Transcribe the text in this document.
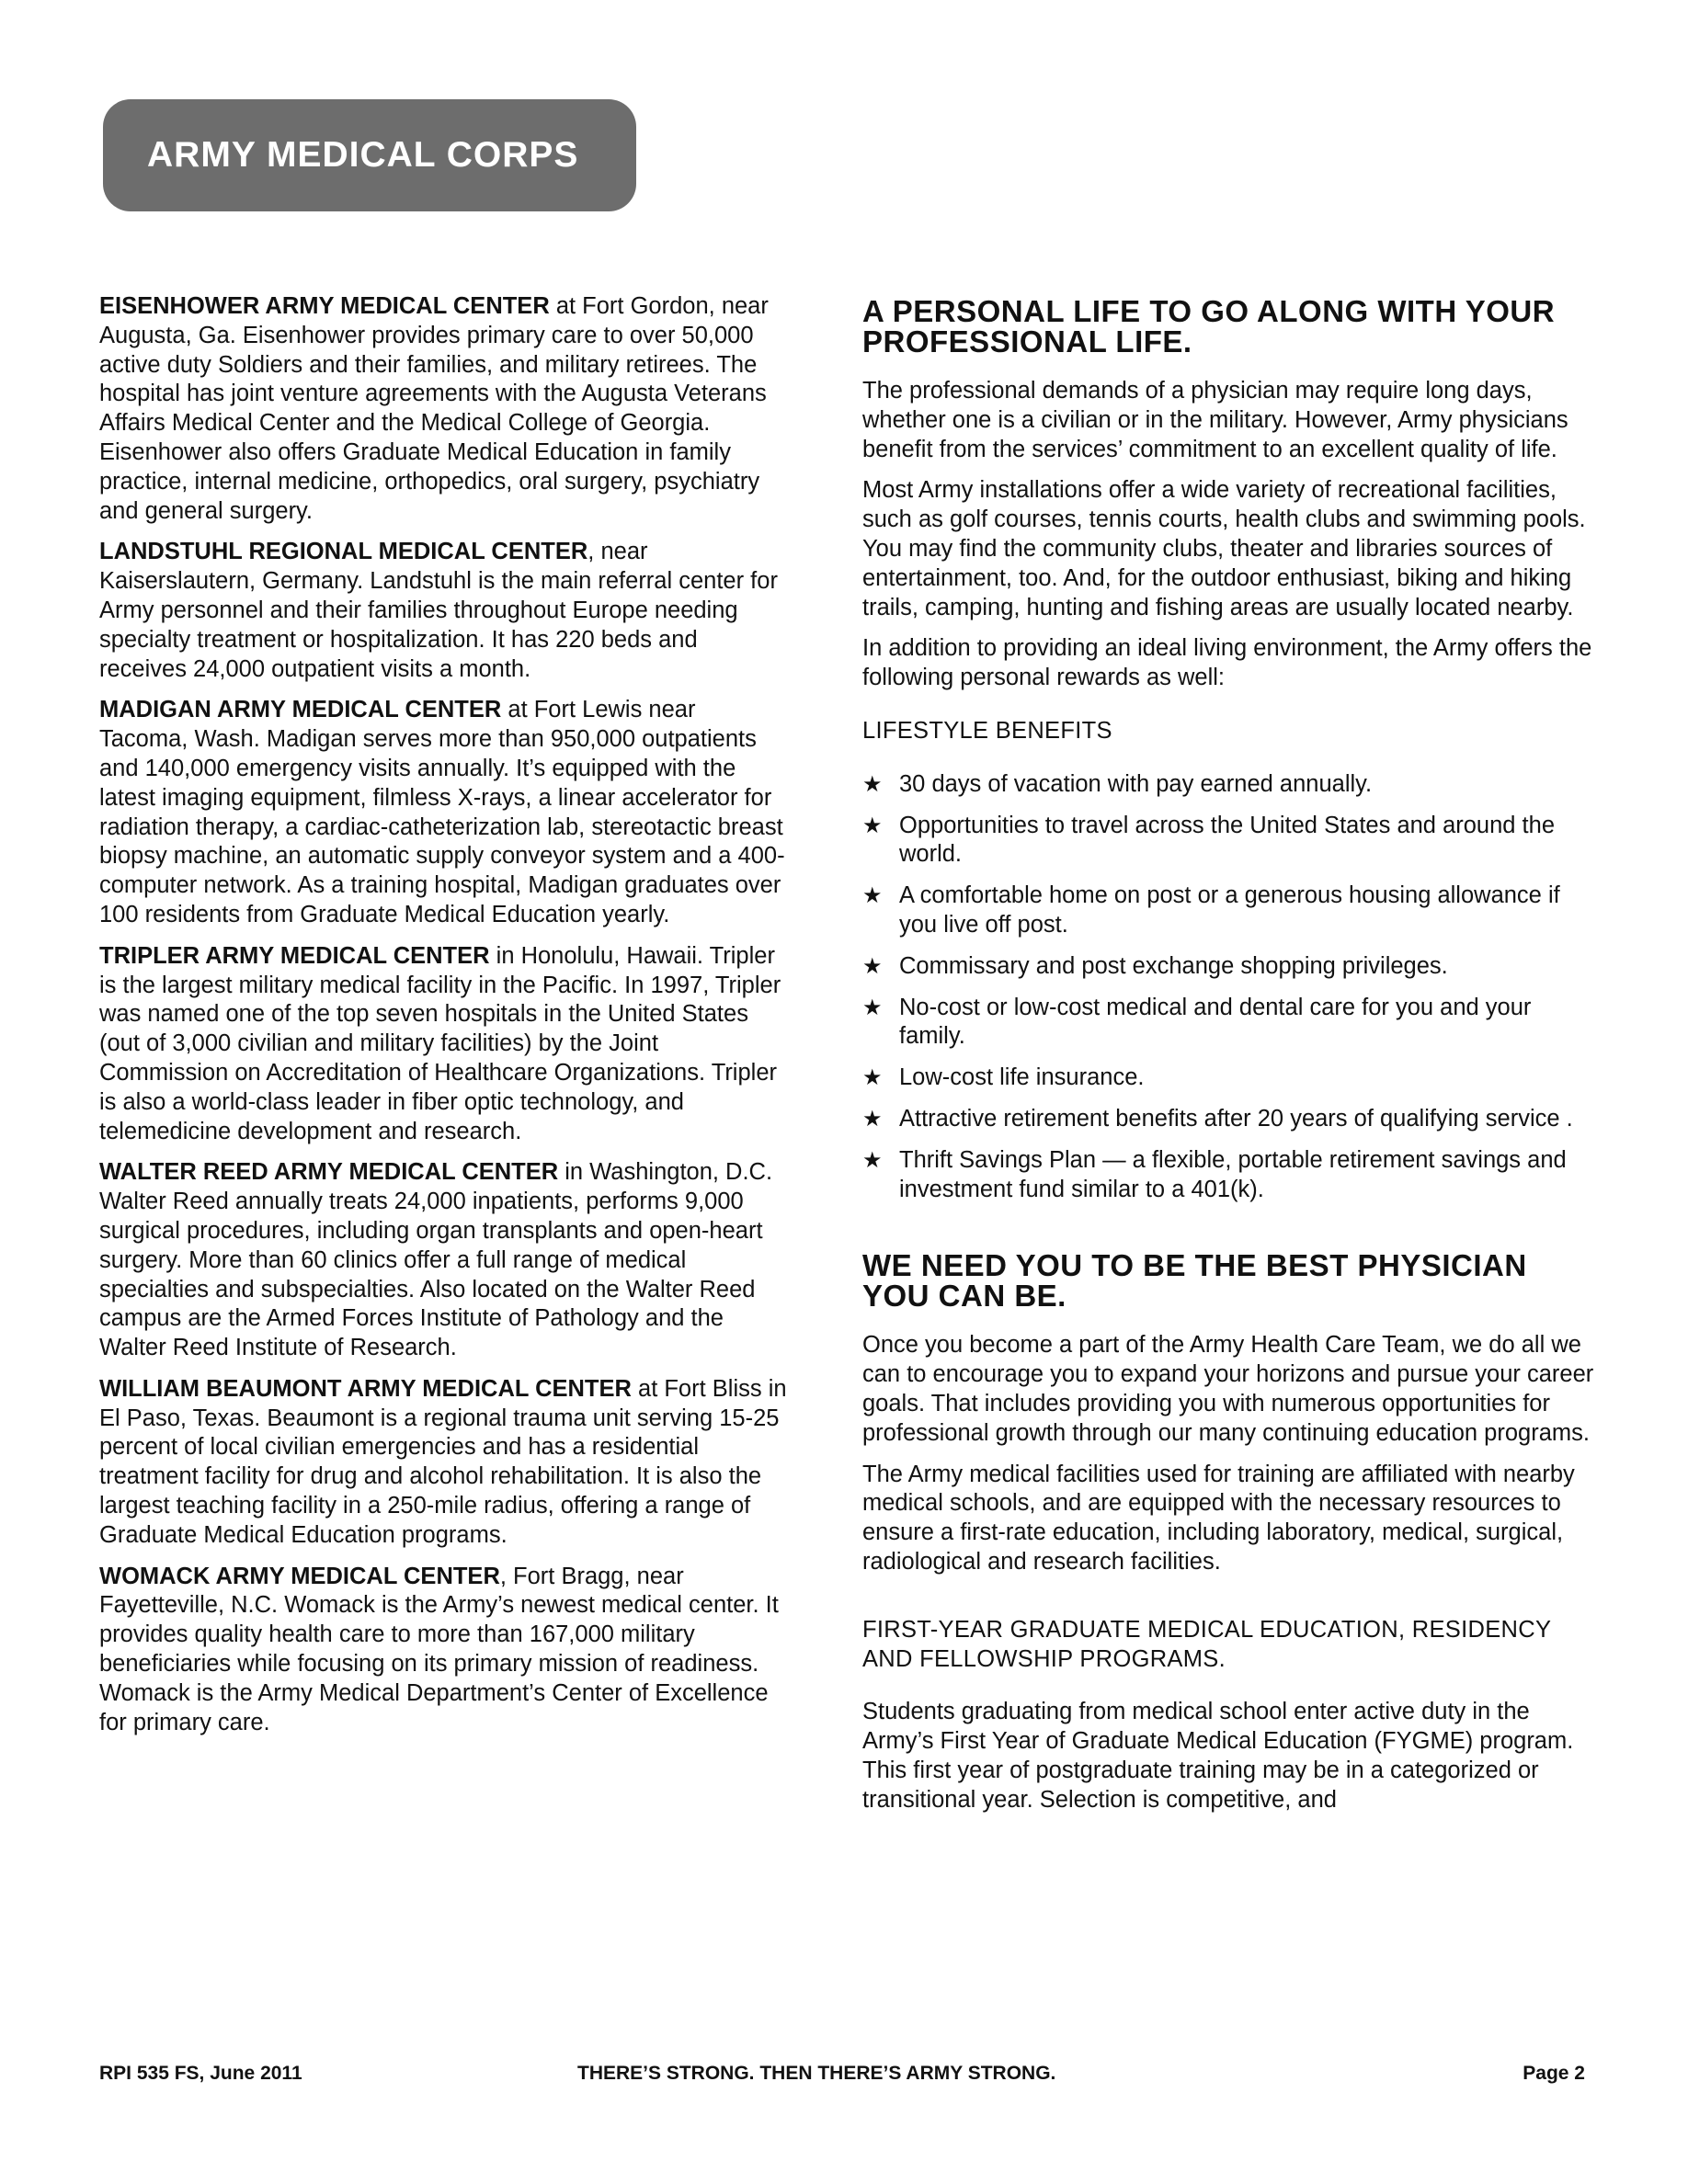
ARMY MEDICAL CORPS

EISENHOWER ARMY MEDICAL CENTER at Fort Gordon, near Augusta, Ga. Eisenhower provides primary care to over 50,000 active duty Soldiers and their families, and military retirees. The hospital has joint venture agreements with the Augusta Veterans Affairs Medical Center and the Medical College of Georgia. Eisenhower also offers Graduate Medical Education in family practice, internal medicine, orthopedics, oral surgery, psychiatry and general surgery.

LANDSTUHL REGIONAL MEDICAL CENTER, near Kaiserslautern, Germany. Landstuhl is the main referral center for Army personnel and their families throughout Europe needing specialty treatment or hospitalization. It has 220 beds and receives 24,000 outpatient visits a month.

MADIGAN ARMY MEDICAL CENTER at Fort Lewis near Tacoma, Wash. Madigan serves more than 950,000 outpatients and 140,000 emergency visits annually. It’s equipped with the latest imaging equipment, filmless X-rays, a linear accelerator for radiation therapy, a cardiac-catheterization lab, stereotactic breast biopsy machine, an automatic supply conveyor system and a 400-computer network. As a training hospital, Madigan graduates over 100 residents from Graduate Medical Education yearly.

TRIPLER ARMY MEDICAL CENTER in Honolulu, Hawaii. Tripler is the largest military medical facility in the Pacific. In 1997, Tripler was named one of the top seven hospitals in the United States (out of 3,000 civilian and military facilities) by the Joint Commission on Accreditation of Healthcare Organizations. Tripler is also a world-class leader in fiber optic technology, and telemedicine development and research.

WALTER REED ARMY MEDICAL CENTER in Washington, D.C. Walter Reed annually treats 24,000 inpatients, performs 9,000 surgical procedures, including organ transplants and open-heart surgery. More than 60 clinics offer a full range of medical specialties and subspecialties. Also located on the Walter Reed campus are the Armed Forces Institute of Pathology and the Walter Reed Institute of Research.

WILLIAM BEAUMONT ARMY MEDICAL CENTER at Fort Bliss in El Paso, Texas. Beaumont is a regional trauma unit serving 15-25 percent of local civilian emergencies and has a residential treatment facility for drug and alcohol rehabilitation. It is also the largest teaching facility in a 250-mile radius, offering a range of Graduate Medical Education programs.

WOMACK ARMY MEDICAL CENTER, Fort Bragg, near Fayetteville, N.C. Womack is the Army’s newest medical center. It provides quality health care to more than 167,000 military beneficiaries while focusing on its primary mission of readiness. Womack is the Army Medical Department’s Center of Excellence for primary care.

A PERSONAL LIFE TO GO ALONG WITH YOUR PROFESSIONAL LIFE.

The professional demands of a physician may require long days, whether one is a civilian or in the military. However, Army physicians benefit from the services’ commitment to an excellent quality of life.

Most Army installations offer a wide variety of recreational facilities, such as golf courses, tennis courts, health clubs and swimming pools. You may find the community clubs, theater and libraries sources of entertainment, too. And, for the outdoor enthusiast, biking and hiking trails, camping, hunting and fishing areas are usually located nearby.

In addition to providing an ideal living environment, the Army offers the following personal rewards as well:

LIFESTYLE BENEFITS
★ 30 days of vacation with pay earned annually.
★ Opportunities to travel across the United States and around the world.
★ A comfortable home on post or a generous housing allowance if you live off post.
★ Commissary and post exchange shopping privileges.
★ No-cost or low-cost medical and dental care for you and your family.
★ Low-cost life insurance.
★ Attractive retirement benefits after 20 years of qualifying service .
★ Thrift Savings Plan — a flexible, portable retirement savings and investment fund similar to a 401(k).
WE NEED YOU TO BE THE BEST PHYSICIAN YOU CAN BE.

Once you become a part of the Army Health Care Team, we do all we can to encourage you to expand your horizons and pursue your career goals. That includes providing you with numerous opportunities for professional growth through our many continuing education programs.

The Army medical facilities used for training are affiliated with nearby medical schools, and are equipped with the necessary resources to ensure a first-rate education, including laboratory, medical, surgical, radiological and research facilities.

FIRST-YEAR GRADUATE MEDICAL EDUCATION, RESIDENCY AND FELLOWSHIP PROGRAMS.

Students graduating from medical school enter active duty in the Army’s First Year of Graduate Medical Education (FYGME) program. This first year of postgraduate training may be in a categorized or transitional year. Selection is competitive, and

RPI 535 FS, June 2011	THERE’S STRONG. THEN THERE’S ARMY STRONG.	Page 2
